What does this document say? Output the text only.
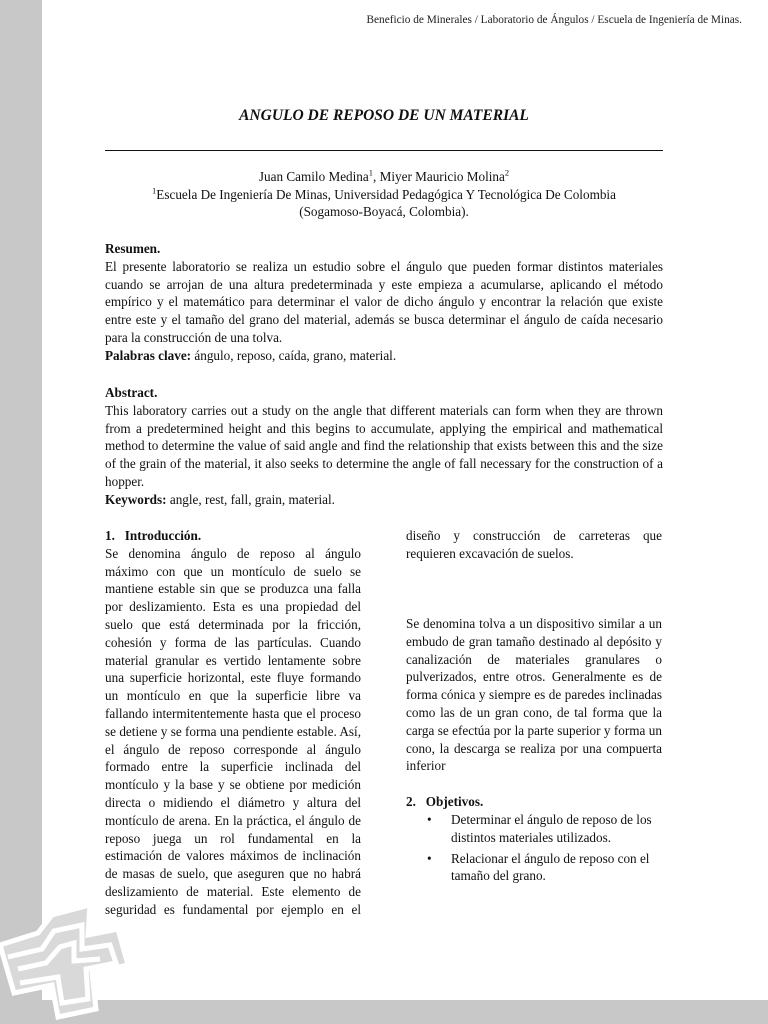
Beneficio de Minerales / Laboratorio de Ángulos / Escuela de Ingeniería de Minas.
ANGULO DE REPOSO DE UN MATERIAL
Juan Camilo Medina$^1$, Miyer Mauricio Molina$^2$
$^1$Escuela De Ingeniería De Minas, Universidad Pedagógica Y Tecnológica De Colombia
(Sogamoso-Boyacá, Colombia).
Resumen.
El presente laboratorio se realiza un estudio sobre el ángulo que pueden formar distintos materiales cuando se arrojan de una altura predeterminada y este empieza a acumularse, aplicando el método empírico y el matemático para determinar el valor de dicho ángulo y encontrar la relación que existe entre este y el tamaño del grano del material, además se busca determinar el ángulo de caída necesario para la construcción de una tolva.
Palabras clave: ángulo, reposo, caída, grano, material.
Abstract.
This laboratory carries out a study on the angle that different materials can form when they are thrown from a predetermined height and this begins to accumulate, applying the empirical and mathematical method to determine the value of said angle and find the relationship that exists between this and the size of the grain of the material, it also seeks to determine the angle of fall necessary for the construction of a hopper.
Keywords: angle, rest, fall, grain, material.
1.  Introducción.

Se denomina ángulo de reposo al ángulo máximo con que un montículo de suelo se mantiene estable sin que se produzca una falla por deslizamiento. Esta es una propiedad del suelo que está determinada por la fricción, cohesión y forma de las partículas. Cuando material granular es vertido lentamente sobre una superficie horizontal, este fluye formando un montículo en que la superficie libre va fallando intermitentemente hasta que el proceso se detiene y se forma una pendiente estable. Así, el ángulo de reposo corresponde al ángulo formado entre la superficie inclinada del montículo y la base y se obtiene por medición directa o midiendo el diámetro y altura del montículo de arena. En la práctica, el ángulo de reposo juega un rol fundamental en la estimación de valores máximos de inclinación de masas de suelo, que aseguren que no habrá deslizamiento de material. Este elemento de seguridad es fundamental por ejemplo en el

diseño y construcción de carreteras que requieren excavación de suelos.

Se denomina tolva a un dispositivo similar a un embudo de gran tamaño destinado al depósito y canalización de materiales granulares o pulverizados, entre otros. Generalmente es de forma cónica y siempre es de paredes inclinadas como las de un gran cono, de tal forma que la carga se efectúa por la parte superior y forma un cono, la descarga se realiza por una compuerta inferior

2.  Objetivos.
• Determinar el ángulo de reposo de los distintos materiales utilizados.
• Relacionar el ángulo de reposo con el tamaño del grano.
